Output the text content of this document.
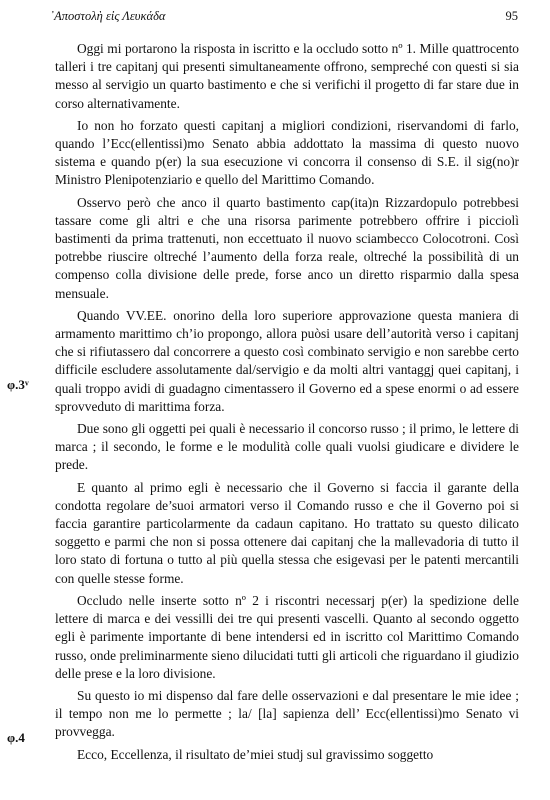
᾿Αποστολὴ εἰς Λευκάδα	95
φ.3ᵛ
φ.4

Oggi mi portarono la risposta in iscritto e la occludo sotto nº 1. Mille quattrocento talleri i tre capitanj qui presenti simultaneamente offrono, sempreché con questi si sia messo al servigio un quarto bastimento e che si verifichi il progetto di far stare due in corso alternativamente.

Io non ho forzato questi capitanj a migliori condizioni, riservandomi di farlo, quando l’Ecc(ellentissi)mo Senato abbia addottato la massima di questo nuovo sistema e quando p(er) la sua esecuzione vi concorra il consenso di S.E. il sig(no)r Ministro Plenipotenziario e quello del Marittimo Comando.

Osservo però che anco il quarto bastimento cap(ita)n Rizzardopulo potrebbesi tassare come gli altri e che una risorsa parimente potrebbero offrire i picciolì bastimenti da prima trattenuti, non eccettuato il nuovo sciambecco Colocotroni. Così potrebbe riuscire oltreché l’aumento della forza reale, oltreché la possibilità di un compenso colla divisione delle prede, forse anco un diretto risparmio dalla spesa mensuale.

Quando VV.EE. onorino della loro superiore approvazione questa maniera di armamento marittimo ch’io propongo, allora puòsi usare dell’autorità verso i capitanj che si rifiutassero dal concorrere a questo così combinato servigio e non sarebbe certo difficile escludere assolutamente dal/servigio e da molti altri vantaggj quei capitanj, i quali troppo avidi di guadagno cimentassero il Governo ed a spese enormi o ad essere sprovveduto di marittima forza.

Due sono gli oggetti pei quali è necessario il concorso russo ; il primo, le lettere di marca ; il secondo, le forme e le modulità colle quali vuolsi giudicare e dividere le prede.

E quanto al primo egli è necessario che il Governo si faccia il garante della condotta regolare de’suoi armatori verso il Comando russo e che il Governo poi si faccia garantire particolarmente da cadaun capitano. Ho trattato su questo dilicato soggetto e parmi che non si possa ottenere dai capitanj che la mallevadoria di tutto il loro stato di fortuna o tutto al più quella stessa che esigevasi per le patenti mercantili con quelle stesse forme.

Occludo nelle inserte sotto nº 2 i riscontri necessarj p(er) la spedizione delle lettere di marca e dei vessilli dei tre qui presenti vascelli. Quanto al secondo oggetto egli è parimente importante di bene intendersi ed in iscritto col Marittimo Comando russo, onde preliminarmente sieno dilucidati tutti gli articoli che riguardano il giudizio delle prese e la loro divisione.

Su questo io mi dispenso dal fare delle osservazioni e dal presentare le mie idee ; il tempo non me lo permette ; la/ [la] sapienza dell’ Ecc(ellentissi)mo Senato vi provvegga.

Ecco, Eccellenza, il risultato de’miei studj sul gravissimo soggetto
